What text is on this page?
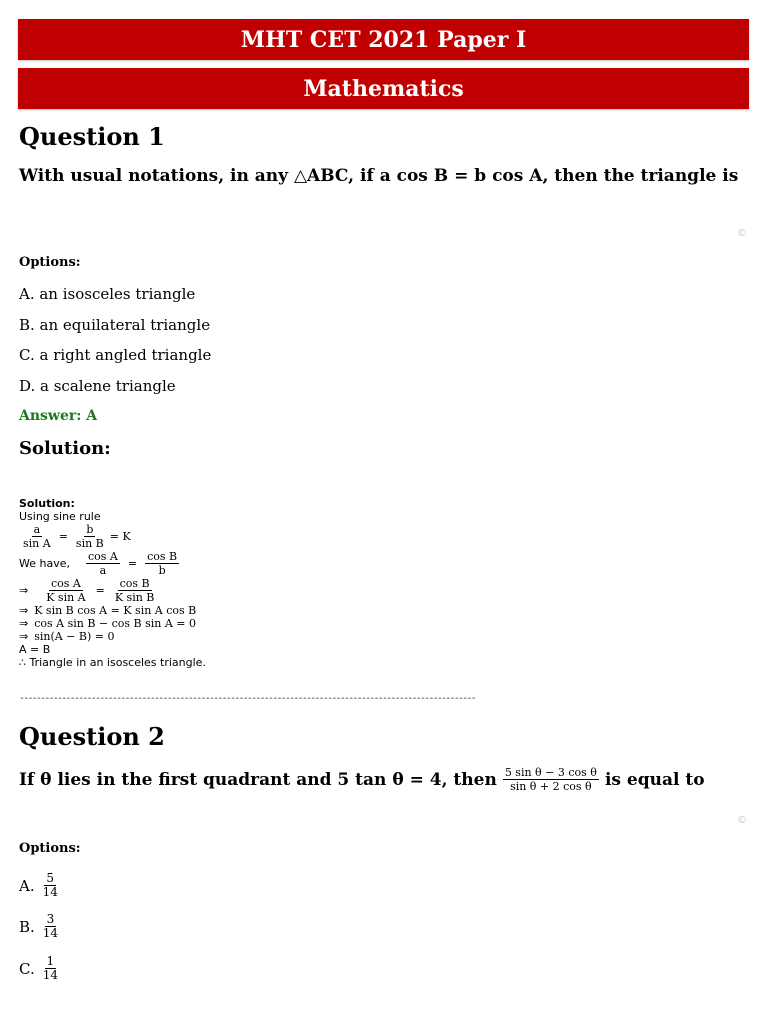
MHT CET 2021 Paper I
Mathematics
Question 1
With usual notations, in any △ABC, if a cos B = b cos A, then the triangle is
©
Options:
A. an isosceles triangle
B. an equilateral triangle
C. a right angled triangle
D. a scalene triangle
Answer: A
Solution:
Solution:
Using sine rule
$\frac{a}{\text{sin A}} = \frac{b}{\text{sin B}} = K$
We have, $\frac{\text{cos A}}{a} = \frac{\text{cos B}}{b}$
⇒ $\frac{\text{cos A}}{\text{K sin A}} = \frac{\text{cos B}}{\text{K sin B}}$
⇒ K sin B cos A = K sin A cos B
⇒ cos A sin B − cos B sin A = 0
⇒ sin(A − B) = 0
A = B
∴ Triangle in an isosceles triangle.
------------------------------------------------------------------------------------------------------------
Question 2
If θ lies in the first quadrant and 5 tan θ = 4, then $\frac{\text{5 sin θ − 3 cos θ}}{\text{sin θ + 2 cos θ}}$ is equal to
©
Options:
A. $\frac{5}{14}$
B. $\frac{3}{14}$
C. $\frac{1}{14}$
